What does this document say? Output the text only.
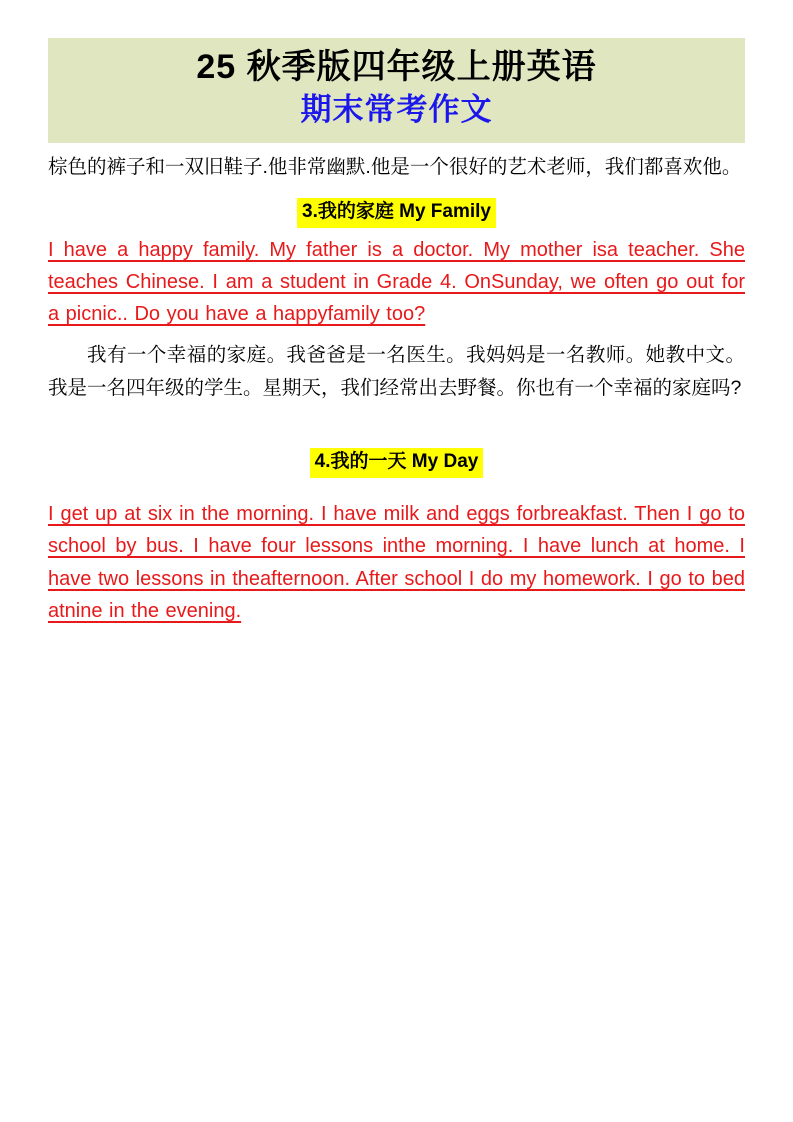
25 秋季版四年级上册英语
期末常考作文
棕色的裤子和一双旧鞋子.他非常幽默.他是一个很好的艺术老师，我们都喜欢他。
3.我的家庭 My Family
I have a happy family. My father is a doctor. My mother isa teacher. She teaches Chinese. I am a student in Grade 4. OnSunday, we often go out for a picnic.. Do you have a happyfamily too?
我有一个幸福的家庭。我爸爸是一名医生。我妈妈是一名教师。她教中文。我是一名四年级的学生。星期天，我们经常出去野餐。你也有一个幸福的家庭吗?
4.我的一天 My Day
I get up at six in the morning. I have milk and eggs forbreakfast. Then I go to school by bus. I have four lessons inthe morning. I have lunch at home. I have two lessons in theafternoon. After school I do my homework. I go to bed atnine in the evening.
